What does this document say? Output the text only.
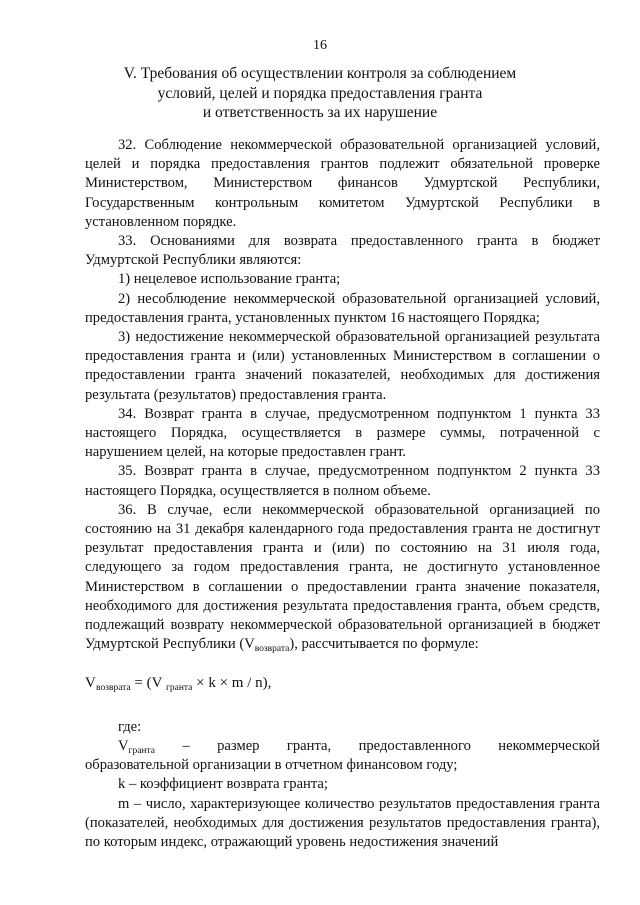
16
V. Требования об осуществлении контроля за соблюдением
условий, целей и порядка предоставления гранта
и ответственность за их нарушение

32. Соблюдение некоммерческой образовательной организацией условий, целей и порядка предоставления грантов подлежит обязательной проверке Министерством, Министерством финансов Удмуртской Республики, Государственным контрольным комитетом Удмуртской Республики в установленном порядке.

33. Основаниями для возврата предоставленного гранта в бюджет Удмуртской Республики являются:

1) нецелевое использование гранта;

2) несоблюдение некоммерческой образовательной организацией условий, предоставления гранта, установленных пунктом 16 настоящего Порядка;

3) недостижение некоммерческой образовательной организацией результата предоставления гранта и (или) установленных Министерством в соглашении о предоставлении гранта значений показателей, необходимых для достижения результата (результатов) предоставления гранта.

34. Возврат гранта в случае, предусмотренном подпунктом 1 пункта 33 настоящего Порядка, осуществляется в размере суммы, потраченной с нарушением целей, на которые предоставлен грант.

35. Возврат гранта в случае, предусмотренном подпунктом 2 пункта 33 настоящего Порядка, осуществляется в полном объеме.

36. В случае, если некоммерческой образовательной организацией по состоянию на 31 декабря календарного года предоставления гранта не достигнут результат предоставления гранта и (или) по состоянию на 31 июля года, следующего за годом предоставления гранта, не достигнуто установленное Министерством в соглашении о предоставлении гранта значение показателя, необходимого для достижения результата предоставления гранта, объем средств, подлежащий возврату некоммерческой образовательной организацией в бюджет Удмуртской Республики $(V_{возврата})$, рассчитывается по формуле:

$V_{возврата} = (V$ $_{гранта}$ × k × m / n),

где:

$V_{гранта}$ – размер гранта, предоставленного некоммерческой

образовательной организации в отчетном финансовом году;

k – коэффициент возврата гранта;

m – число, характеризующее количество результатов предоставления гранта (показателей, необходимых для достижения результатов предоставления гранта), по которым индекс, отражающий уровень недостижения значений
